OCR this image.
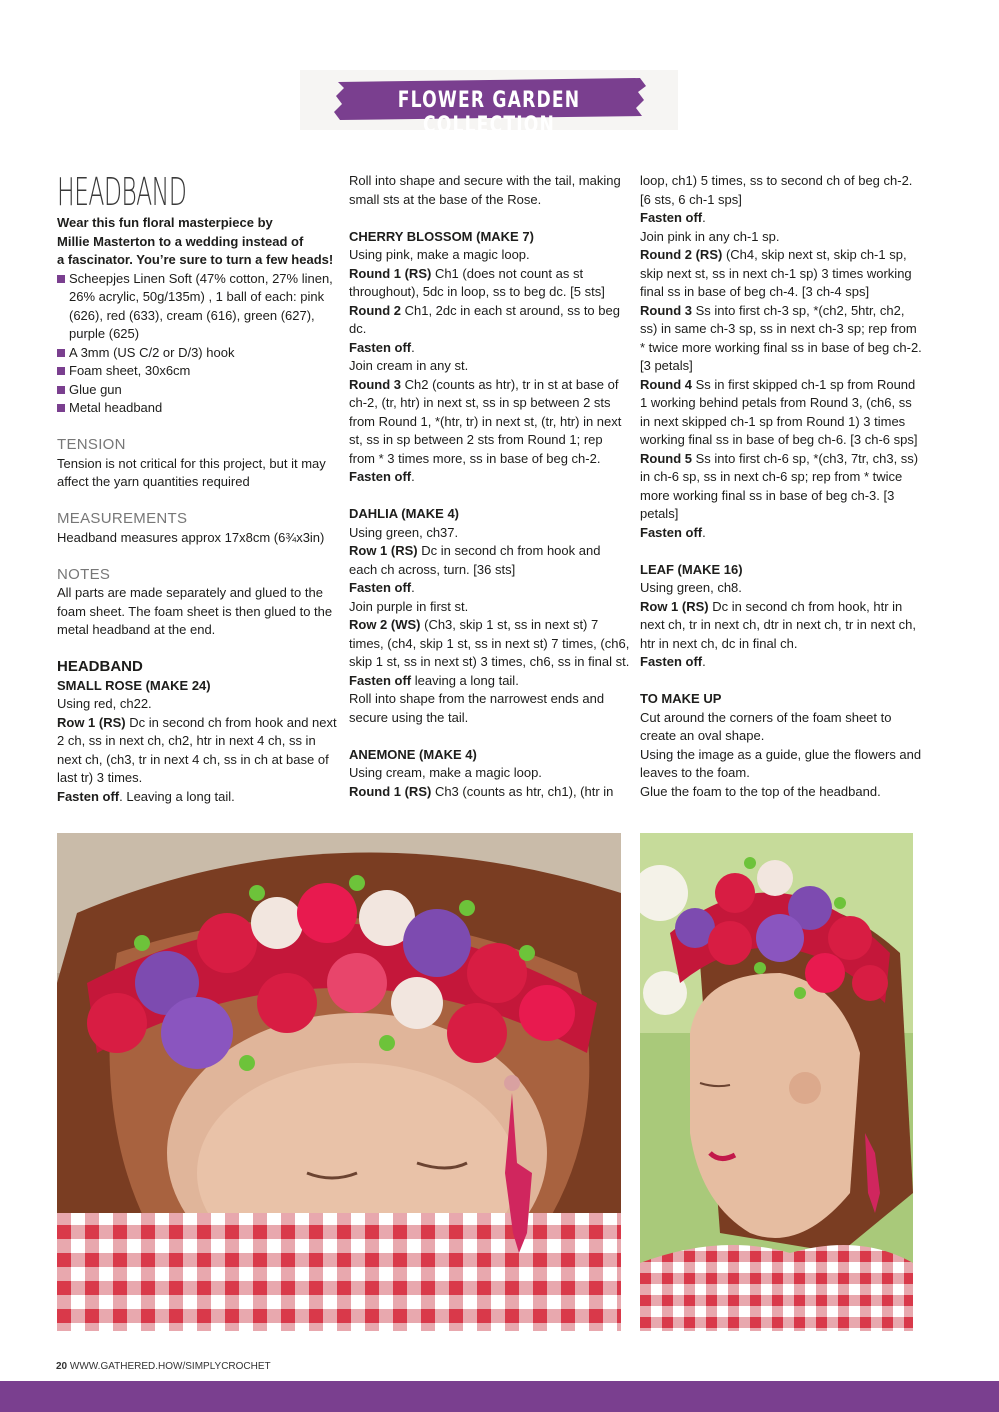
FLOWER GARDEN COLLECTION
HEADBAND

Wear this fun floral masterpiece by

Millie Masterton to a wedding instead of

a fascinator. You’re sure to turn a few heads!

Scheepjes Linen Soft (47% cotton, 27% linen, 26% acrylic, 50g/135m) , 1 ball of each: pink (626), red (633), cream (616), green (627), purple (625)
A 3mm (US C/2 or D/3) hook
Foam sheet, 30x6cm
Glue gun
Metal headband

TENSION

Tension is not critical for this project, but it may affect the yarn quantities required

MEASUREMENTS

Headband measures approx 17x8cm (6¾x3in)

NOTES

All parts are made separately and glued to the foam sheet. The foam sheet is then glued to the metal headband at the end.

HEADBAND

SMALL ROSE (MAKE 24)

Using red, ch22.

Row 1 (RS) Dc in second ch from hook and next 2 ch, ss in next ch, ch2, htr in next 4 ch, ss in next ch, (ch3, tr in next 4 ch, ss in ch at base of last tr) 3 times.

Fasten off. Leaving a long tail.

Roll into shape and secure with the tail, making small sts at the base of the Rose.

CHERRY BLOSSOM (MAKE 7)

Using pink, make a magic loop.

Round 1 (RS) Ch1 (does not count as st throughout), 5dc in loop, ss to beg dc. [5 sts]

Round 2 Ch1, 2dc in each st around, ss to beg dc.

Fasten off.

Join cream in any st.

Round 3 Ch2 (counts as htr), tr in st at base of ch-2, (tr, htr) in next st, ss in sp between 2 sts from Round 1, *(htr, tr) in next st, (tr, htr) in next st, ss in sp between 2 sts from Round 1; rep from * 3 times more, ss in base of beg ch-2.

Fasten off.

DAHLIA (MAKE 4)

Using green, ch37.

Row 1 (RS) Dc in second ch from hook and each ch across, turn. [36 sts]

Fasten off.

Join purple in first st.

Row 2 (WS) (Ch3, skip 1 st, ss in next st) 7 times, (ch4, skip 1 st, ss in next st) 7 times, (ch6, skip 1 st, ss in next st) 3 times, ch6, ss in final st.

Fasten off leaving a long tail.

Roll into shape from the narrowest ends and secure using the tail.

ANEMONE (MAKE 4)

Using cream, make a magic loop.

Round 1 (RS) Ch3 (counts as htr, ch1), (htr in

loop, ch1) 5 times, ss to second ch of beg ch-2. [6 sts, 6 ch-1 sps]

Fasten off.

Join pink in any ch-1 sp.

Round 2 (RS) (Ch4, skip next st, skip ch-1 sp, skip next st, ss in next ch-1 sp) 3 times working final ss in base of beg ch-4. [3 ch-4 sps]

Round 3 Ss into first ch-3 sp, *(ch2, 5htr, ch2, ss) in same ch-3 sp, ss in next ch-3 sp; rep from * twice more working final ss in base of beg ch-2. [3 petals]

Round 4 Ss in first skipped ch-1 sp from Round 1 working behind petals from Round 3, (ch6, ss in next skipped ch-1 sp from Round 1) 3 times working final ss in base of beg ch-6. [3 ch-6 sps]

Round 5 Ss into first ch-6 sp, *(ch3, 7tr, ch3, ss) in ch-6 sp, ss in next ch-6 sp; rep from * twice more working final ss in base of beg ch-3. [3 petals]

Fasten off.

LEAF (MAKE 16)

Using green, ch8.

Row 1 (RS) Dc in second ch from hook, htr in next ch, tr in next ch, dtr in next ch, tr in next ch, htr in next ch, dc in final ch.

Fasten off.

TO MAKE UP

Cut around the corners of the foam sheet to create an oval shape.

Using the image as a guide, glue the flowers and leaves to the foam.

Glue the foam to the top of the headband.

20 WWW.GATHERED.HOW/SIMPLYCROCHET
